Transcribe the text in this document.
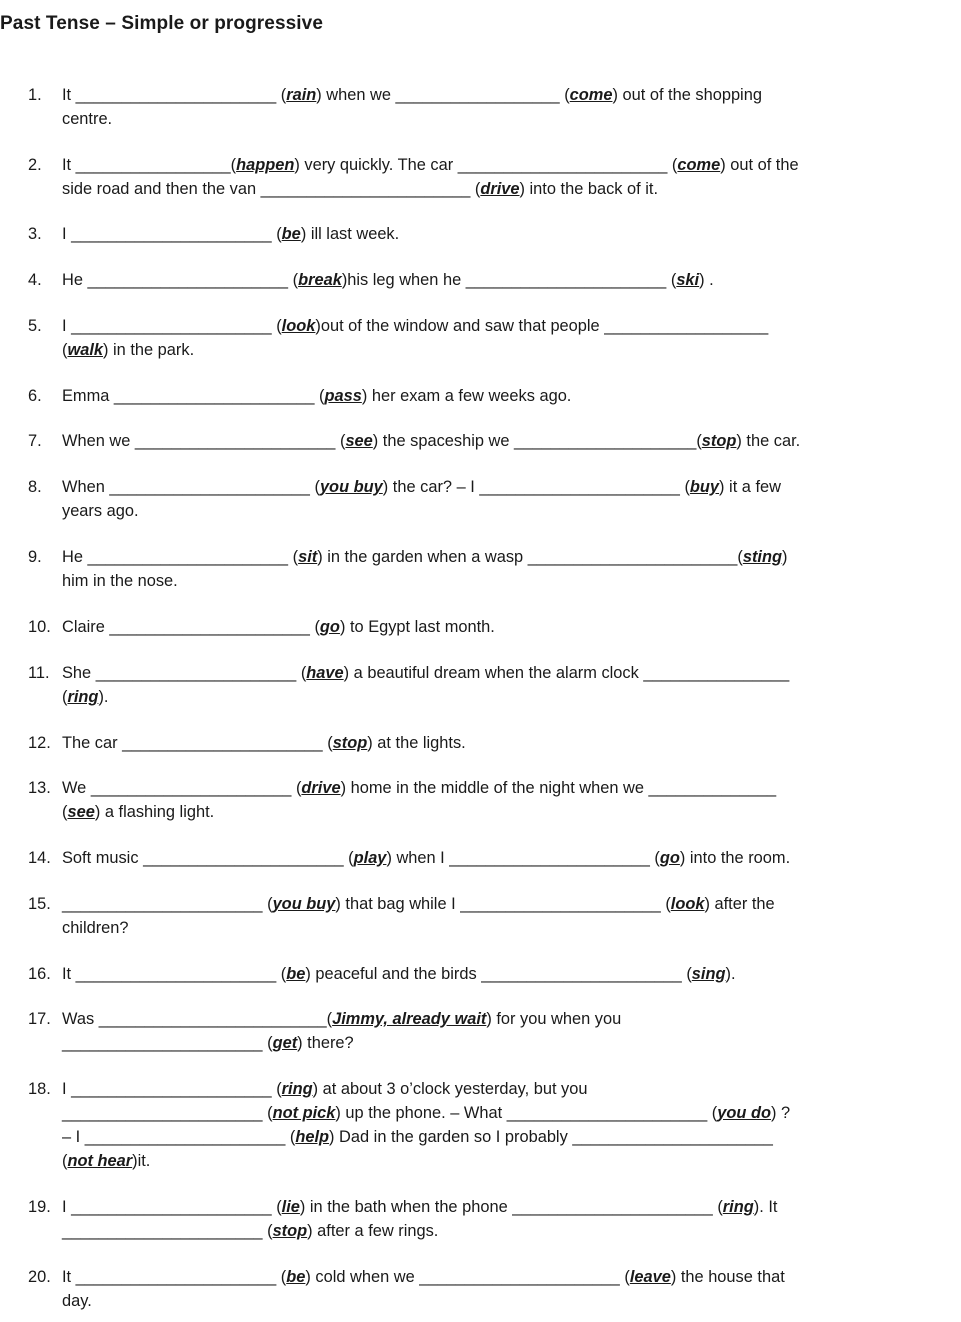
Past Tense – Simple or progressive
1.	It ______________________ (rain) when we __________________ (come) out of the shopping
centre.
2.	It _________________(happen) very quickly. The car _______________________ (come) out of the
side road and then the van _______________________ (drive) into the back of it.
3.	I ______________________ (be) ill last week.
4.	He ______________________ (break)his leg when he ______________________ (ski) .
5.	I ______________________ (look)out of the window and saw that people __________________
(walk) in the park.
6.	Emma ______________________ (pass) her exam a few weeks ago.
7.	When we ______________________ (see) the spaceship we ____________________(stop) the car.
8.	When ______________________ (you buy) the car? – I ______________________ (buy) it a few
years ago.
9.	He ______________________ (sit) in the garden when a wasp _______________________(sting)
him in the nose.
10. Claire ______________________ (go) to Egypt last month.
11. She ______________________ (have) a beautiful dream when the alarm clock ________________
(ring).
12. The car ______________________ (stop) at the lights.
13. We ______________________ (drive) home in the middle of the night when we ______________
(see) a flashing light.
14. Soft music ______________________ (play) when I ______________________ (go) into the room.
15. ______________________ (you buy) that bag while I ______________________ (look) after the
children?
16. It ______________________ (be) peaceful and the birds ______________________ (sing).
17. Was _________________________(Jimmy, already wait) for you when you
______________________ (get) there?
18. I ______________________ (ring) at about 3 o’clock yesterday, but you
______________________ (not pick) up the phone. – What ______________________ (you do) ?
– I ______________________ (help) Dad in the garden so I probably ______________________
(not hear)it.
19. I ______________________ (lie) in the bath when the phone ______________________ (ring). It
______________________ (stop) after a few rings.
20. It ______________________ (be) cold when we ______________________ (leave) the house that
day.
